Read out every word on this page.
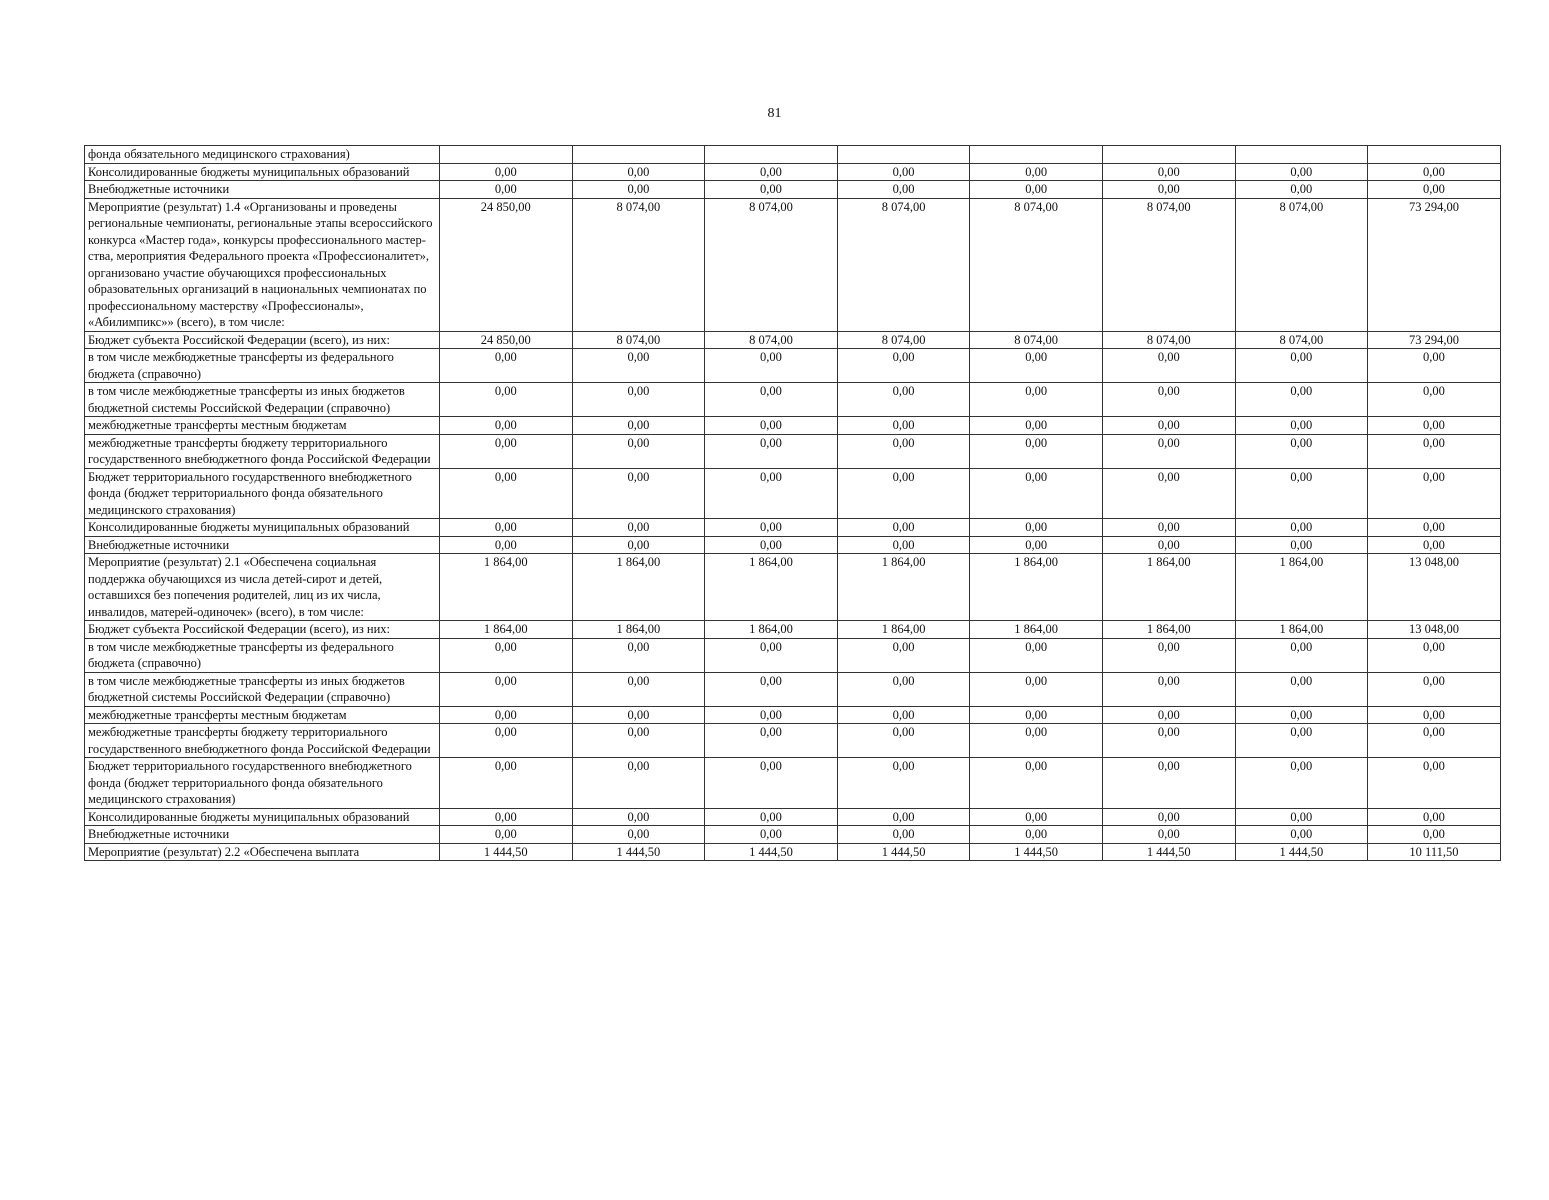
81
фонда обязательного медицинского страхования)								
Консолидированные бюджеты муниципальных образований	0,00	0,00	0,00	0,00	0,00	0,00	0,00	0,00
Внебюджетные источники	0,00	0,00	0,00	0,00	0,00	0,00	0,00	0,00
Мероприятие (результат) 1.4 «Организованы и проведены региональные чемпионаты, региональные этапы всероссийского конкурса «Мастер года», конкурсы профессионального мастер-ства, мероприятия Федерального проекта «Профессионалитет», организовано участие обучающихся профессиональных образовательных организаций в национальных чемпионатах по профессиональному мастерству «Профессионалы», «Абилимпикс»» (всего), в том числе:	24 850,00	8 074,00	8 074,00	8 074,00	8 074,00	8 074,00	8 074,00	73 294,00
Бюджет субъекта Российской Федерации (всего), из них:	24 850,00	8 074,00	8 074,00	8 074,00	8 074,00	8 074,00	8 074,00	73 294,00
в том числе межбюджетные трансферты из федерального бюджета (справочно)	0,00	0,00	0,00	0,00	0,00	0,00	0,00	0,00
в том числе межбюджетные трансферты из иных бюджетов бюджетной системы Российской Федерации (справочно)	0,00	0,00	0,00	0,00	0,00	0,00	0,00	0,00
межбюджетные трансферты местным бюджетам	0,00	0,00	0,00	0,00	0,00	0,00	0,00	0,00
межбюджетные трансферты бюджету территориального государственного внебюджетного фонда Российской Федерации	0,00	0,00	0,00	0,00	0,00	0,00	0,00	0,00
Бюджет территориального государственного внебюджетного фонда (бюджет территориального фонда обязательного медицинского страхования)	0,00	0,00	0,00	0,00	0,00	0,00	0,00	0,00
Консолидированные бюджеты муниципальных образований	0,00	0,00	0,00	0,00	0,00	0,00	0,00	0,00
Внебюджетные источники	0,00	0,00	0,00	0,00	0,00	0,00	0,00	0,00
Мероприятие (результат) 2.1 «Обеспечена социальная поддержка обучающихся из числа детей-сирот и детей, оставшихся без попечения родителей, лиц из их числа, инвалидов, матерей-одиночек» (всего), в том числе:	1 864,00	1 864,00	1 864,00	1 864,00	1 864,00	1 864,00	1 864,00	13 048,00
Бюджет субъекта Российской Федерации (всего), из них:	1 864,00	1 864,00	1 864,00	1 864,00	1 864,00	1 864,00	1 864,00	13 048,00
в том числе межбюджетные трансферты из федерального бюджета (справочно)	0,00	0,00	0,00	0,00	0,00	0,00	0,00	0,00
в том числе межбюджетные трансферты из иных бюджетов бюджетной системы Российской Федерации (справочно)	0,00	0,00	0,00	0,00	0,00	0,00	0,00	0,00
межбюджетные трансферты местным бюджетам	0,00	0,00	0,00	0,00	0,00	0,00	0,00	0,00
межбюджетные трансферты бюджету территориального государственного внебюджетного фонда Российской Федерации	0,00	0,00	0,00	0,00	0,00	0,00	0,00	0,00
Бюджет территориального государственного внебюджетного фонда (бюджет территориального фонда обязательного медицинского страхования)	0,00	0,00	0,00	0,00	0,00	0,00	0,00	0,00
Консолидированные бюджеты муниципальных образований	0,00	0,00	0,00	0,00	0,00	0,00	0,00	0,00
Внебюджетные источники	0,00	0,00	0,00	0,00	0,00	0,00	0,00	0,00
Мероприятие (результат) 2.2 «Обеспечена выплата	1 444,50	1 444,50	1 444,50	1 444,50	1 444,50	1 444,50	1 444,50	10 111,50
